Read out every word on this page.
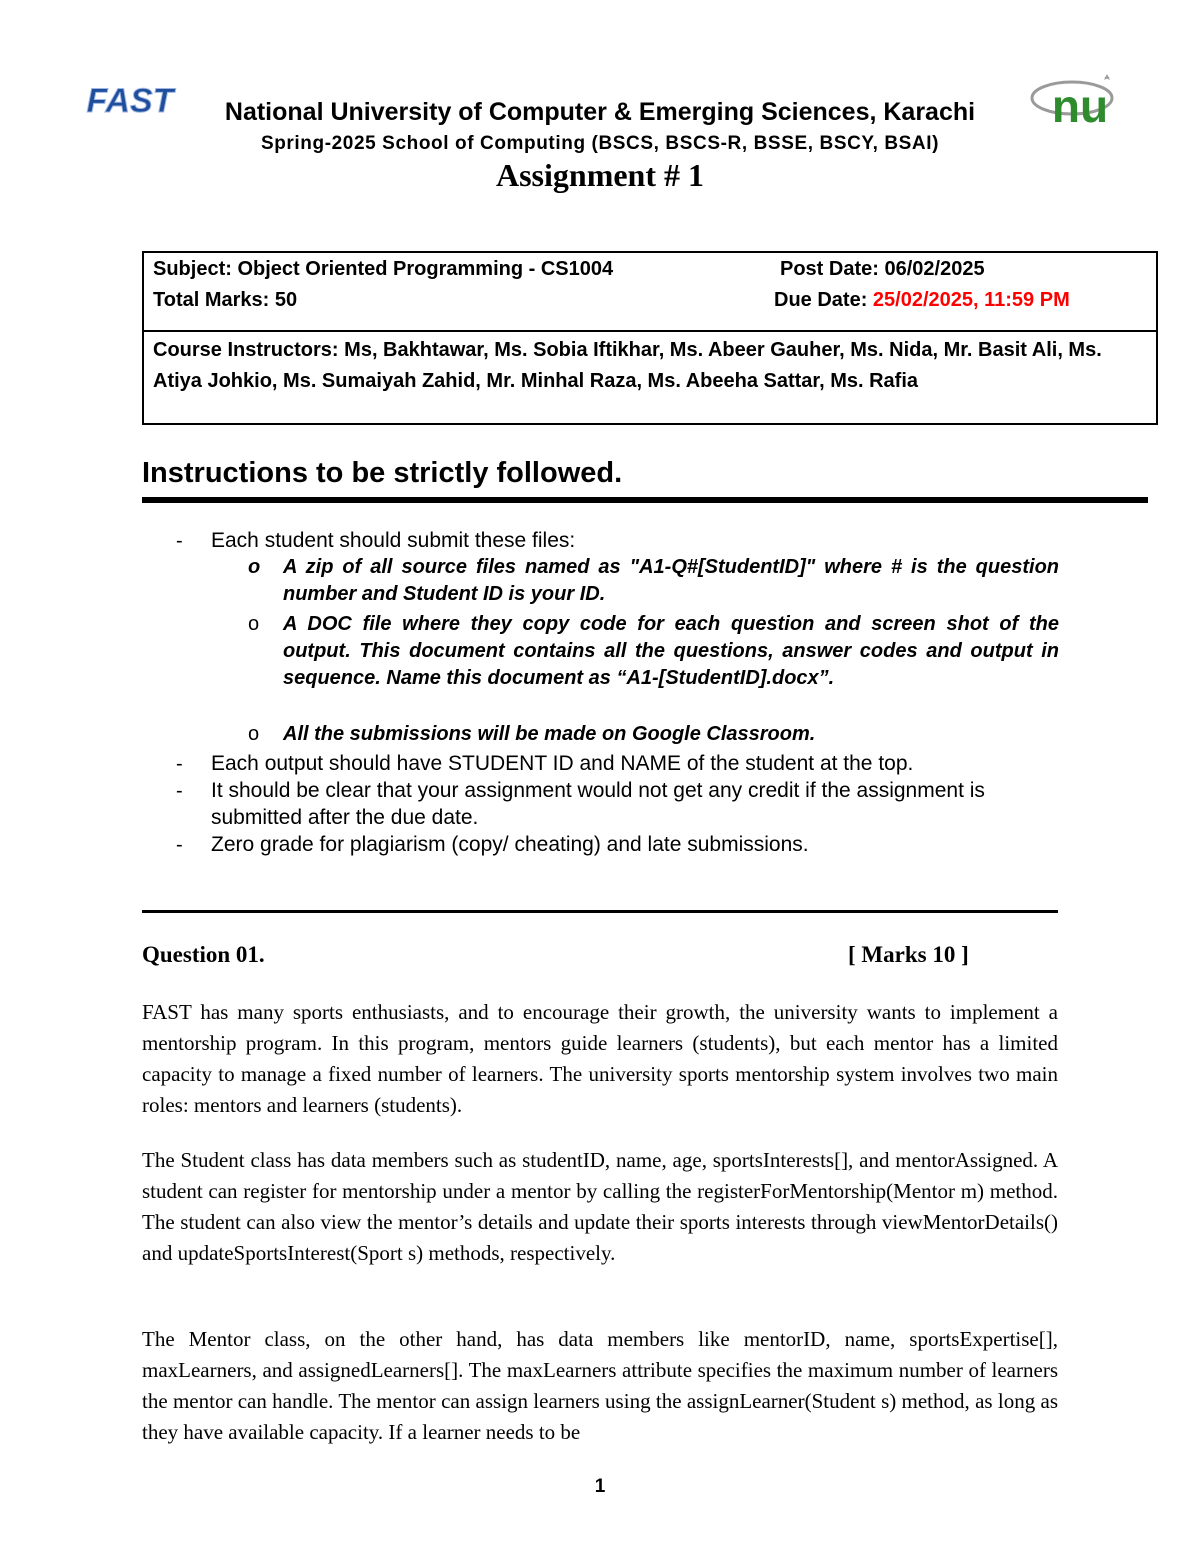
FAST	nu
National University of Computer & Emerging Sciences, Karachi
Spring-2025 School of Computing (BSCS, BSCS-R, BSSE, BSCY, BSAI)
Assignment # 1
Subject: Object Oriented Programming - CS1004
Total Marks: 50
Post Date: 06/02/2025
Due Date: 25/02/2025, 11:59 PM
Course Instructors: Ms, Bakhtawar, Ms. Sobia Iftikhar, Ms. Abeer Gauher, Ms. Nida, Mr. Basit Ali, Ms. Atiya Johkio, Ms. Sumaiyah Zahid, Mr. Minhal Raza, Ms. Abeeha Sattar, Ms. Rafia
Instructions to be strictly followed.
- Each student should submit these files:
o A zip of all source files named as "A1-Q#[StudentID]" where # is the question number and Student ID is your ID.
o A DOC file where they copy code for each question and screen shot of the output. This document contains all the questions, answer codes and output in sequence. Name this document as “A1-[StudentID].docx”.
o All the submissions will be made on Google Classroom.
- Each output should have STUDENT ID and NAME of the student at the top.
- It should be clear that your assignment would not get any credit if the assignment is submitted after the due date.
- Zero grade for plagiarism (copy/ cheating) and late submissions.
Question 01.	[ Marks 10 ]
FAST has many sports enthusiasts, and to encourage their growth, the university wants to implement a mentorship program. In this program, mentors guide learners (students), but each mentor has a limited capacity to manage a fixed number of learners. The university sports mentorship system involves two main roles: mentors and learners (students).
The Student class has data members such as studentID, name, age, sportsInterests[], and mentorAssigned. A student can register for mentorship under a mentor by calling the registerForMentorship(Mentor m) method. The student can also view the mentor’s details and update their sports interests through viewMentorDetails() and updateSportsInterest(Sport s) methods, respectively.
The Mentor class, on the other hand, has data members like mentorID, name, sportsExpertise[], maxLearners, and assignedLearners[]. The maxLearners attribute specifies the maximum number of learners the mentor can handle. The mentor can assign learners using the assignLearner(Student s) method, as long as they have available capacity. If a learner needs to be
1
